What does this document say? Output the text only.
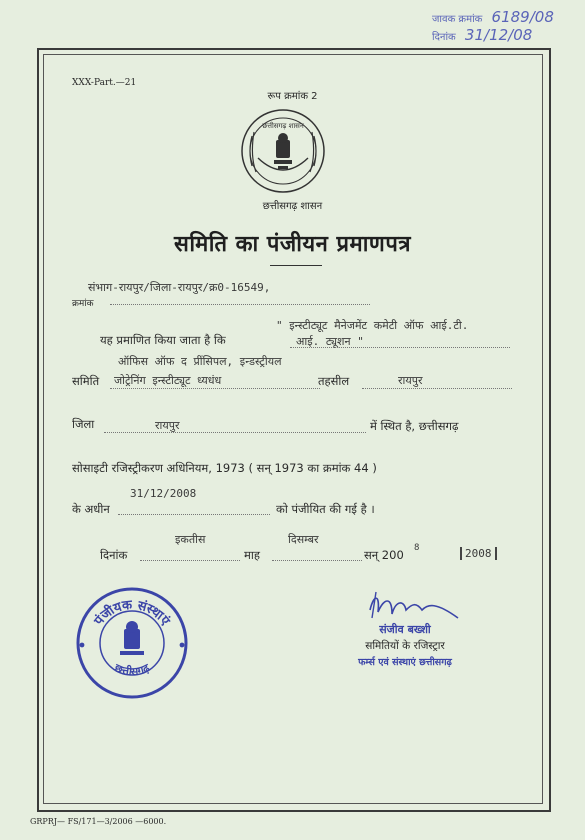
जावक क्रमांक 6189/08
दिनांक 31/12/08
XXX-Part.—21
रूप क्रमांक 2
छत्तीसगढ़ शासन
छत्तीसगढ़ शासन
समिति का पंजीयन प्रमाणपत्र
संभाग-रायपुर/जिला-रायपुर/क्र0-16549,
क्रमांक
" इन्स्टीट्यूट मैनेजमेंट कमेटी ऑफ आई.टी.
यह प्रमाणित किया जाता है कि	आई. ट्यूशन "
ऑफिस ऑफ द प्रींसिपल, इन्डस्ट्रीयल
समिति जोट्रेनिंग इन्स्टीट्यूट ध्यधंध	तहसील	रायपुर
जिला	रायपुर	में स्थित है, छत्तीसगढ़
सोसाइटी रजिस्ट्रीकरण अधिनियम, 1973 ( सन् 1973 का क्रमांक 44 )
31/12/2008
के अधीन	को पंजीयित की गई है ।
इकतीस	दिसम्बर
दिनांक	माह	सन् 200 8	2008
पंजीयक संस्थाएं
छत्तीसगढ़
संजीव बख्शी
समितियों के रजिस्ट्रार
फर्म्स एवं संस्थाएं छत्तीसगढ़
GRPRJ— FS/171—3/2006 —6000.
